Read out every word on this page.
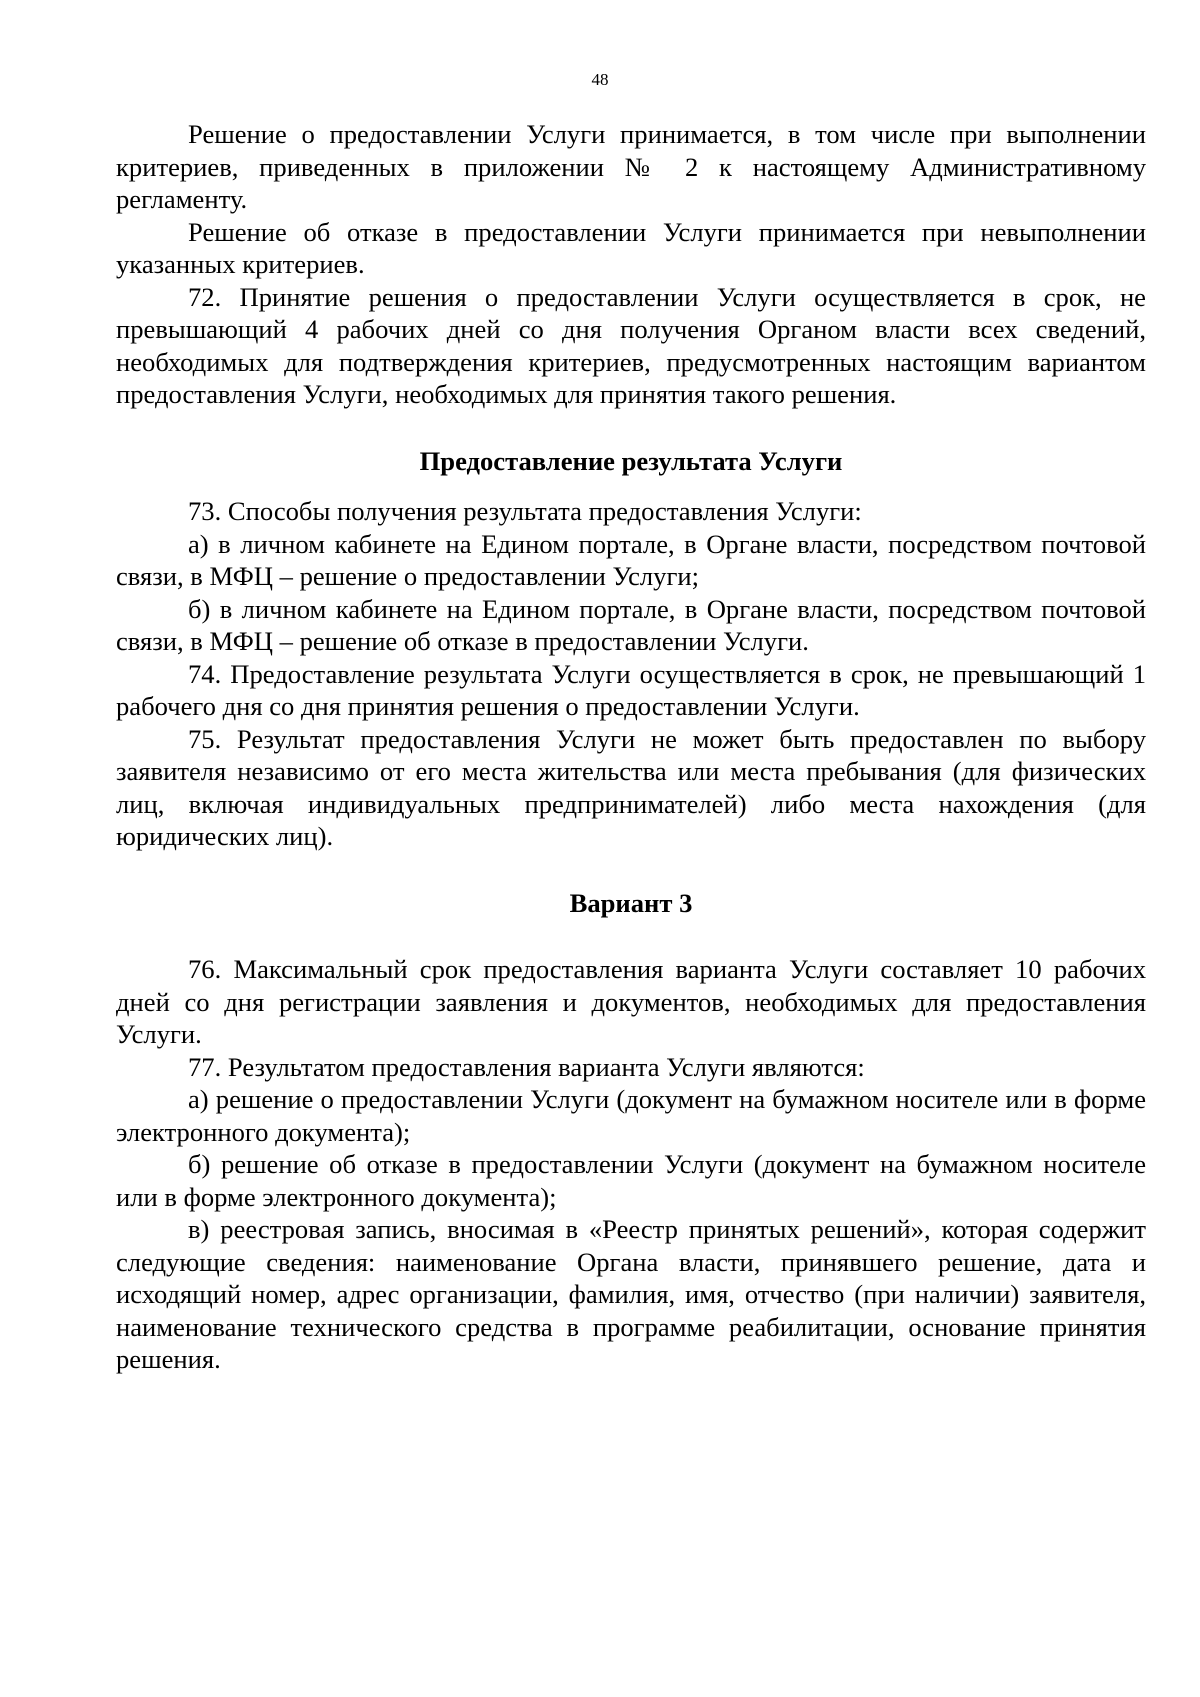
48

Решение о предоставлении Услуги принимается, в том числе при выполнении критериев, приведенных в приложении № 2 к настоящему Административному регламенту.

Решение об отказе в предоставлении Услуги принимается при невыполнении указанных критериев.

72. Принятие решения о предоставлении Услуги осуществляется в срок, не превышающий 4 рабочих дней со дня получения Органом власти всех сведений, необходимых для подтверждения критериев, предусмотренных настоящим вариантом предоставления Услуги, необходимых для принятия такого решения.

Предоставление результата Услуги

73. Способы получения результата предоставления Услуги:

а) в личном кабинете на Едином портале, в Органе власти, посредством почтовой связи, в МФЦ – решение о предоставлении Услуги;

б) в личном кабинете на Едином портале, в Органе власти, посредством почтовой связи, в МФЦ – решение об отказе в предоставлении Услуги.

74. Предоставление результата Услуги осуществляется в срок, не превышающий 1 рабочего дня со дня принятия решения о предоставлении Услуги.

75. Результат предоставления Услуги не может быть предоставлен по выбору заявителя независимо от его места жительства или места пребывания (для физических лиц, включая индивидуальных предпринимателей) либо места нахождения (для юридических лиц).

Вариант 3

76. Максимальный срок предоставления варианта Услуги составляет 10 рабочих дней со дня регистрации заявления и документов, необходимых для предоставления Услуги.

77. Результатом предоставления варианта Услуги являются:

а) решение о предоставлении Услуги (документ на бумажном носителе или в форме электронного документа);

б) решение об отказе в предоставлении Услуги (документ на бумажном носителе или в форме электронного документа);

в) реестровая запись, вносимая в «Реестр принятых решений», которая содержит следующие сведения: наименование Органа власти, принявшего решение, дата и исходящий номер, адрес организации, фамилия, имя, отчество (при наличии) заявителя, наименование технического средства в программе реабилитации, основание принятия решения.
